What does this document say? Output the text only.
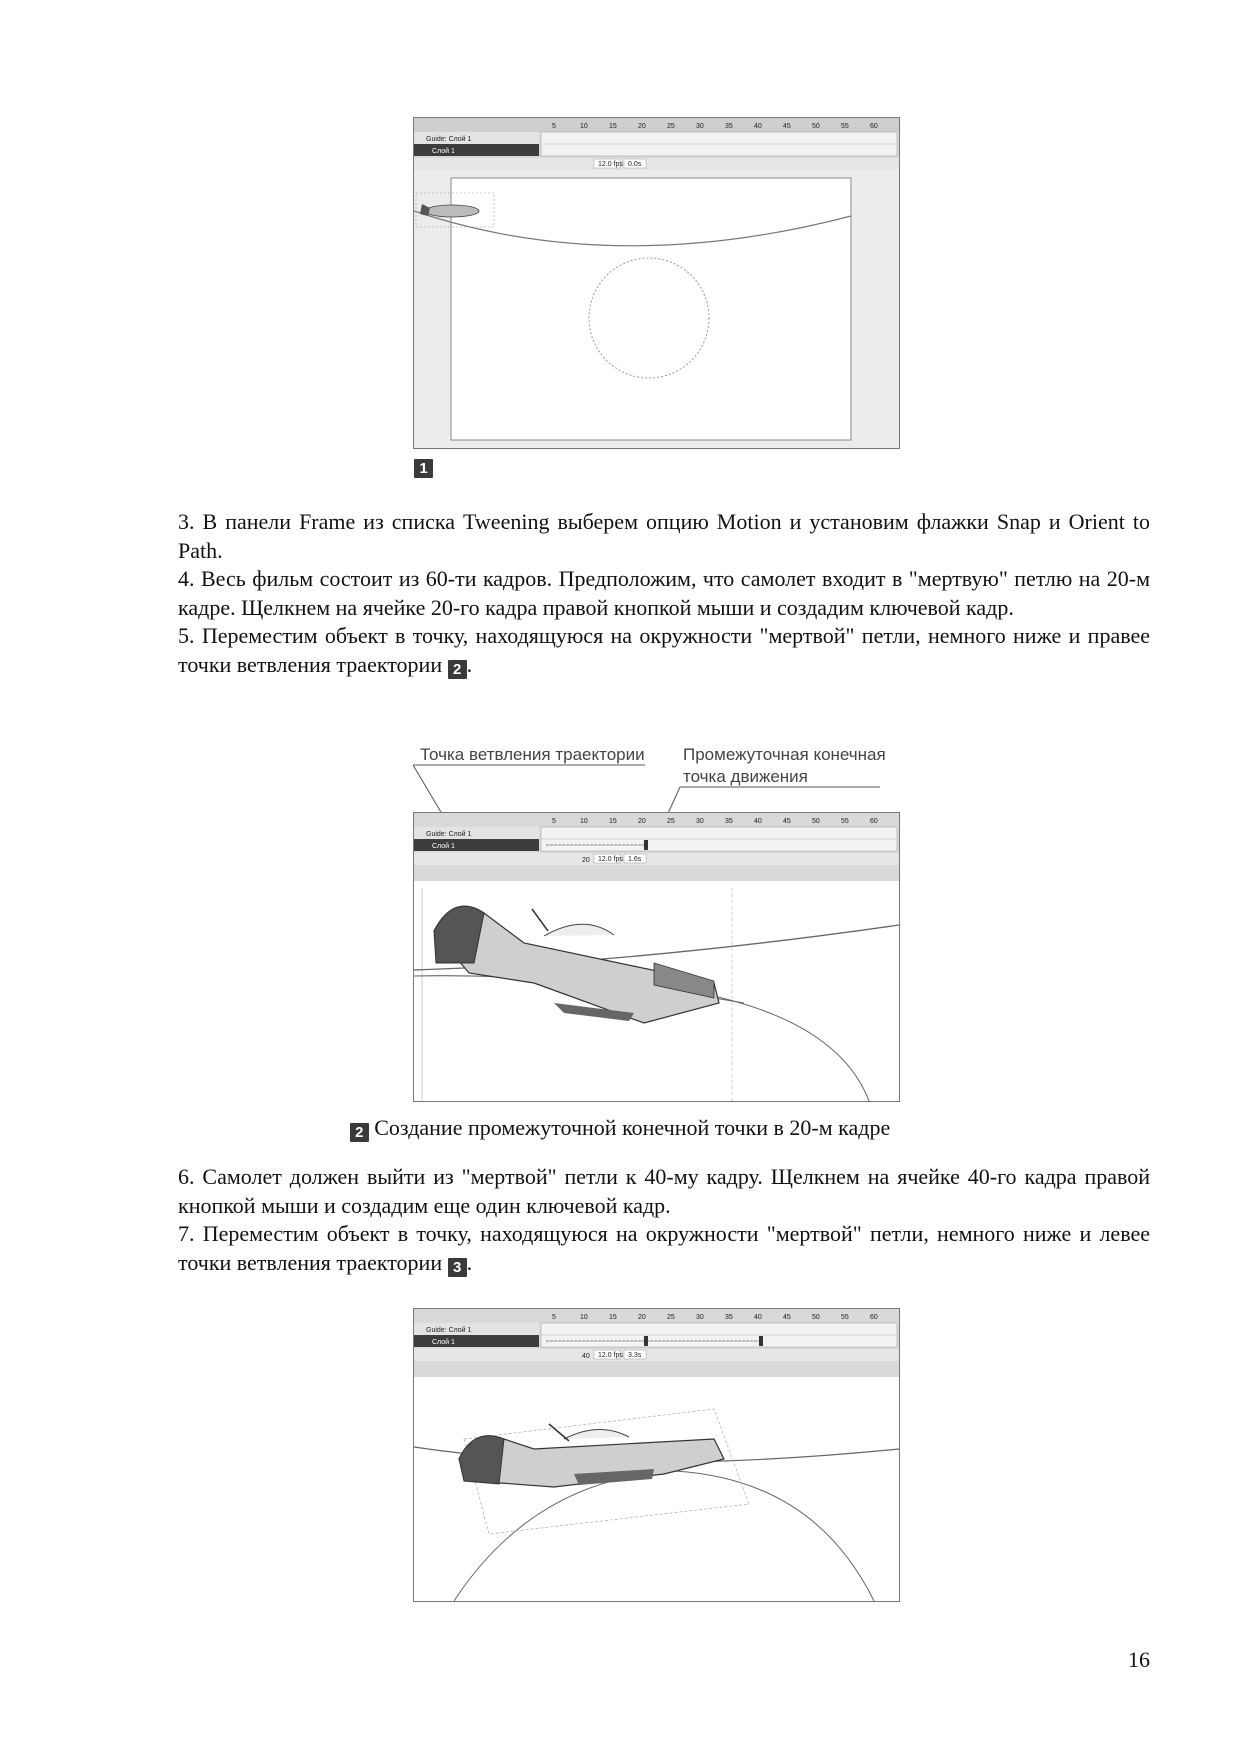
Guide: Слой 1
Слой 1
5	10	15	20	25	30	35	40	45	50	55	60
12.0 fps 0.0s
1

3. В панели Frame из списка Tweening выберем опцию Motion и установим флажки Snap и Orient to Path.

4. Весь фильм состоит из 60-ти кадров. Предположим, что самолет входит в "мертвую" петлю на 20-м кадре. Щелкнем на ячейке 20-го кадра правой кнопкой мыши и создадим ключевой кадр.

5. Переместим объект в точку, находящуюся на окружности "мертвой" петли, немного ниже и правее точки ветвления траектории 2 .

Точка ветвления траектории Промежуточная конечная
точка движения
Guide: Слой 1
Слой 1
5	10	15	20	25	30	35	40	45	50	55	60
20 12.0 fps 1.6s
2 Создание промежуточной конечной точки в 20-м кадре

6. Самолет должен выйти из "мертвой" петли к 40-му кадру. Щелкнем на ячейке 40-го кадра правой кнопкой мыши и создадим еще один ключевой кадр.

7. Переместим объект в точку, находящуюся на окружности "мертвой" петли, немного ниже и левее точки ветвления траектории 3 .

Guide: Слой 1
Слой 1
5	10	15	20	25	30	35	40	45	50	55	60
40 12.0 fps 3.3s
16
